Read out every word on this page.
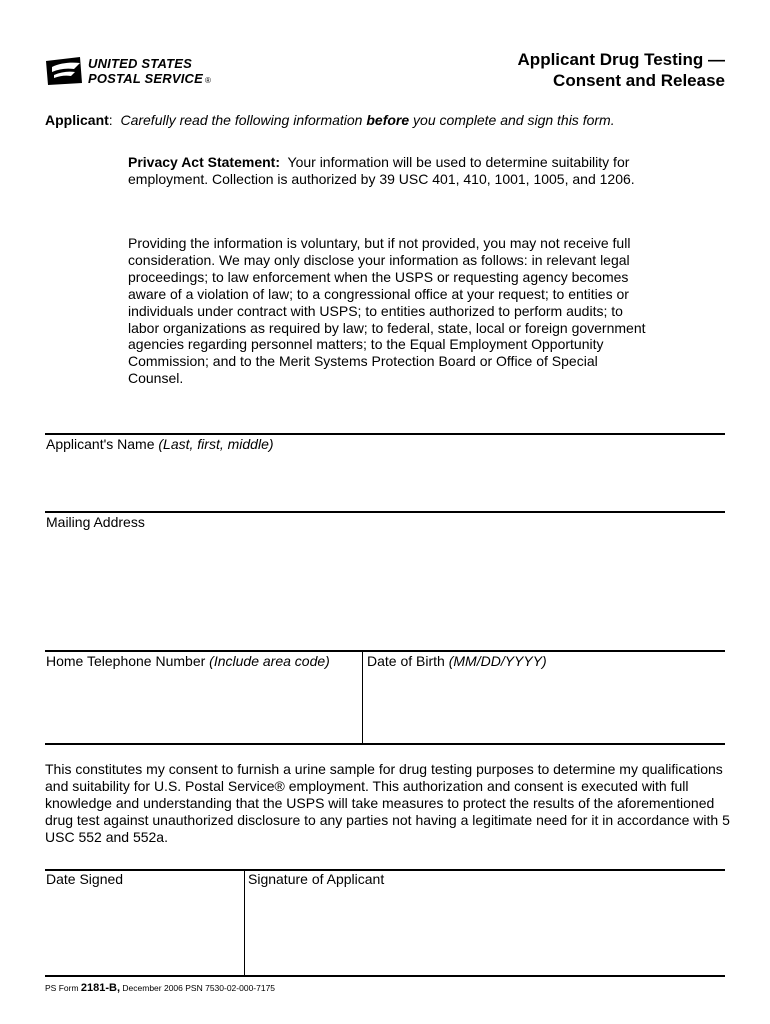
UNITED STATES
POSTAL SERVICE ®
Applicant Drug Testing —
Consent and Release
Applicant:  Carefully read the following information before you complete and sign this form.
Privacy Act Statement: Your information will be used to determine suitability for employment. Collection is authorized by 39 USC 401, 410, 1001, 1005, and 1206.
Providing the information is voluntary, but if not provided, you may not receive full consideration. We may only disclose your information as follows: in relevant legal proceedings; to law enforcement when the USPS or requesting agency becomes aware of a violation of law; to a congressional office at your request; to entities or individuals under contract with USPS; to entities authorized to perform audits; to labor organizations as required by law; to federal, state, local or foreign government agencies regarding personnel matters; to the Equal Employment Opportunity Commission; and to the Merit Systems Protection Board or Office of Special Counsel.
Applicant's Name (Last, first, middle)
Mailing Address
Home Telephone Number (Include area code)	Date of Birth (MM/DD/YYYY)
This constitutes my consent to furnish a urine sample for drug testing purposes to determine my qualifications and suitability for U.S. Postal Service® employment. This authorization and consent is executed with full knowledge and understanding that the USPS will take measures to protect the results of the aforementioned drug test against unauthorized disclosure to any parties not having a legitimate need for it in accordance with 5 USC 552 and 552a.
Date Signed	Signature of Applicant
PS Form 2181-B, December 2006 PSN 7530-02-000-7175
